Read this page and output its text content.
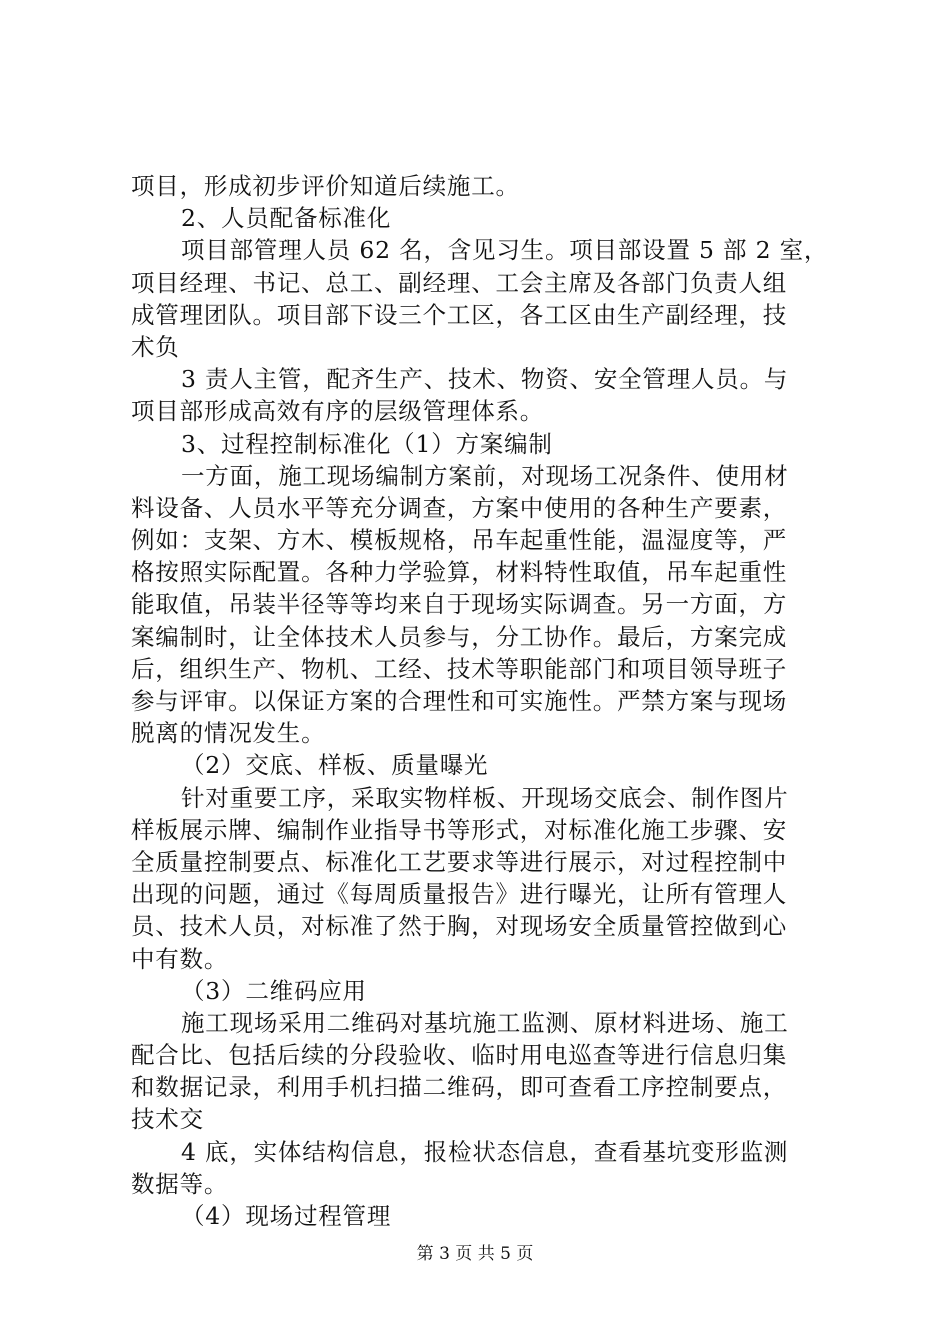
项目，形成初步评价知道后续施工。
2、人员配备标准化
项目部管理人员 62 名，含见习生。项目部设置 5 部 2 室，
项目经理、书记、总工、副经理、工会主席及各部门负责人组
成管理团队。项目部下设三个工区，各工区由生产副经理，技
术负
3 责人主管，配齐生产、技术、物资、安全管理人员。与
项目部形成高效有序的层级管理体系。
3、过程控制标准化（1）方案编制
一方面，施工现场编制方案前，对现场工况条件、使用材
料设备、人员水平等充分调查，方案中使用的各种生产要素，
例如：支架、方木、模板规格，吊车起重性能，温湿度等，严
格按照实际配置。各种力学验算，材料特性取值，吊车起重性
能取值，吊装半径等等均来自于现场实际调查。另一方面，方
案编制时，让全体技术人员参与，分工协作。最后，方案完成
后，组织生产、物机、工经、技术等职能部门和项目领导班子
参与评审。以保证方案的合理性和可实施性。严禁方案与现场
脱离的情况发生。
（2）交底、样板、质量曝光
针对重要工序，采取实物样板、开现场交底会、制作图片
样板展示牌、编制作业指导书等形式，对标准化施工步骤、安
全质量控制要点、标准化工艺要求等进行展示，对过程控制中
出现的问题，通过《每周质量报告》进行曝光，让所有管理人
员、技术人员，对标准了然于胸，对现场安全质量管控做到心
中有数。
（3）二维码应用
施工现场采用二维码对基坑施工监测、原材料进场、施工
配合比、包括后续的分段验收、临时用电巡查等进行信息归集
和数据记录，利用手机扫描二维码，即可查看工序控制要点，
技术交
4 底，实体结构信息，报检状态信息，查看基坑变形监测
数据等。
（4）现场过程管理
第 3 页 共 5 页
